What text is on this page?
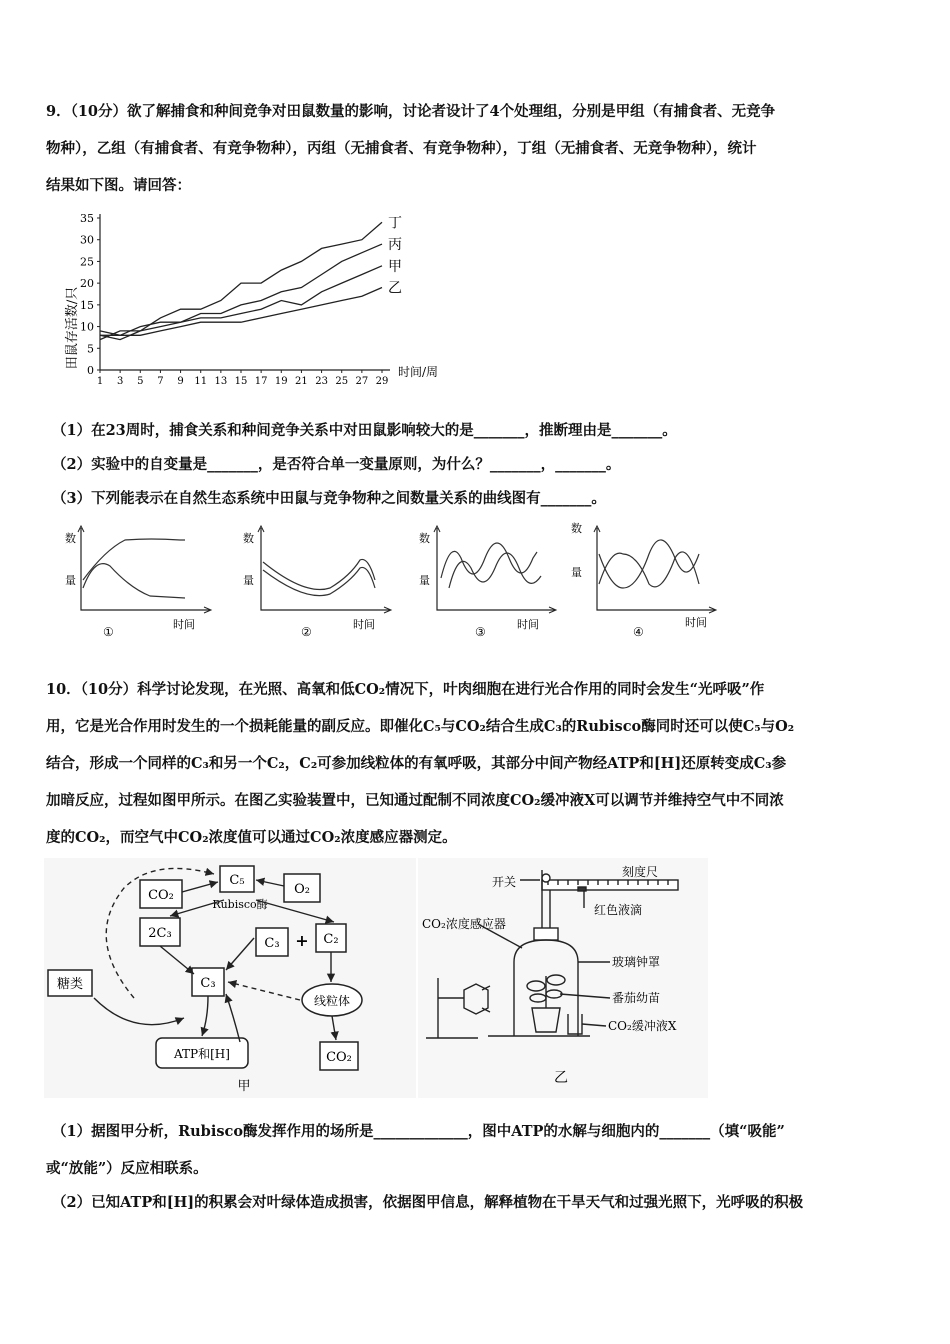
9．（10分）欲了解捕食和种间竞争对田鼠数量的影响，讨论者设计了4个处理组，分别是甲组（有捕食者、无竞争
物种），乙组（有捕食者、有竞争物种），丙组（无捕食者、有竞争物种），丁组（无捕食者、无竞争物种），统计
结果如下图。请回答：
田鼠存活数/只
0
5
10
15
20
25
30
35
1 3 5 7 9 11 13 15 17 19 21 23 25 27 29
丁
丙
甲
乙
时间/周
（1）在23周时，捕食关系和种间竞争关系中对田鼠影响较大的是_______，推断理由是_______。
（2）实验中的自变量是_______，是否符合单一变量原则，为什么？_______，_______。
（3）下列能表示在自然生态系统中田鼠与竞争物种之间数量关系的曲线图有_______。
数
量
时间
①
数
量
时间
②
数
量
时间
③
数
量
时间
④
10．（10分）科学讨论发现，在光照、高氧和低CO₂情况下，叶肉细胞在进行光合作用的同时会发生“光呼吸”作
用，它是光合作用时发生的一个损耗能量的副反应。即催化C₅与CO₂结合生成C₃的Rubisco酶同时还可以使C₅与O₂
结合，形成一个同样的C₃和另一个C₂，C₂可参加线粒体的有氧呼吸，其部分中间产物经ATP和[H]还原转变成C₃参
加暗反应，过程如图甲所示。在图乙实验装置中，已知通过配制不同浓度CO₂缓冲液X可以调节并维持空气中不同浓
度的CO₂，而空气中CO₂浓度值可以通过CO₂浓度感应器测定。
CO₂
C₅
O₂
Rubisco酶
2C₃
C₃ + C₂
C₃
糖类
线粒体
ATP和[H]	CO₂
甲
开关
刻度尺
红色液滴
CO₂浓度感应器
玻璃钟罩
番茄幼苗
CO₂缓冲液X
乙
（1）据图甲分析，Rubisco酶发挥作用的场所是_____________，图中ATP的水解与细胞内的_______（填“吸能”
或“放能”）反应相联系。
（2）已知ATP和[H]的积累会对叶绿体造成损害，依据图甲信息，解释植物在干旱天气和过强光照下，光呼吸的积极
